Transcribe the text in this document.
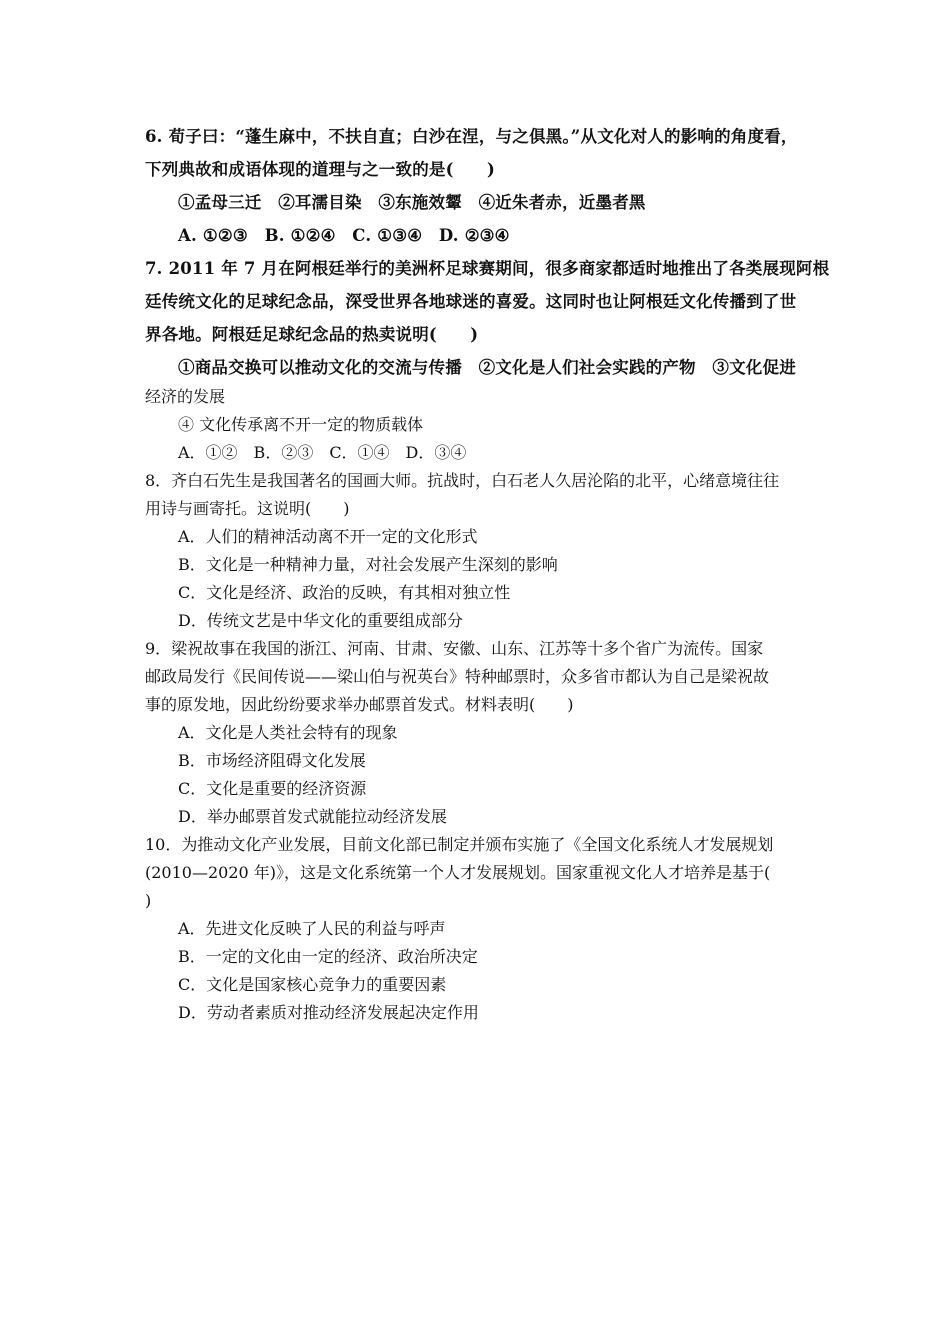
6. 荀子曰：“蓬生麻中，不扶自直；白沙在涅，与之俱黑。”从文化对人的影响的角度看，
下列典故和成语体现的道理与之一致的是(　　)
①孟母三迁　②耳濡目染　③东施效颦　④近朱者赤，近墨者黑
A. ①②③　B. ①②④　C. ①③④　D. ②③④
7. 2011 年 7 月在阿根廷举行的美洲杯足球赛期间，很多商家都适时地推出了各类展现阿根
廷传统文化的足球纪念品，深受世界各地球迷的喜爱。这同时也让阿根廷文化传播到了世
界各地。阿根廷足球纪念品的热卖说明(　　)
①商品交换可以推动文化的交流与传播　②文化是人们社会实践的产物　③文化促进
经济的发展
④ 文化传承离不开一定的物质载体
A．①②　B．②③　C．①④　D．③④
8．齐白石先生是我国著名的国画大师。抗战时，白石老人久居沦陷的北平，心绪意境往往
用诗与画寄托。这说明(　　)
A．人们的精神活动离不开一定的文化形式
B．文化是一种精神力量，对社会发展产生深刻的影响
C．文化是经济、政治的反映，有其相对独立性
D．传统文艺是中华文化的重要组成部分
9．梁祝故事在我国的浙江、河南、甘肃、安徽、山东、江苏等十多个省广为流传。国家
邮政局发行《民间传说——梁山伯与祝英台》特种邮票时，众多省市都认为自己是梁祝故
事的原发地，因此纷纷要求举办邮票首发式。材料表明(　　)
A．文化是人类社会特有的现象
B．市场经济阻碍文化发展
C．文化是重要的经济资源
D．举办邮票首发式就能拉动经济发展
10．为推动文化产业发展，目前文化部已制定并颁布实施了《全国文化系统人才发展规划
(2010—2020 年)》，这是文化系统第一个人才发展规划。国家重视文化人才培养是基于(
)
A．先进文化反映了人民的利益与呼声
B．一定的文化由一定的经济、政治所决定
C．文化是国家核心竞争力的重要因素
D．劳动者素质对推动经济发展起决定作用
